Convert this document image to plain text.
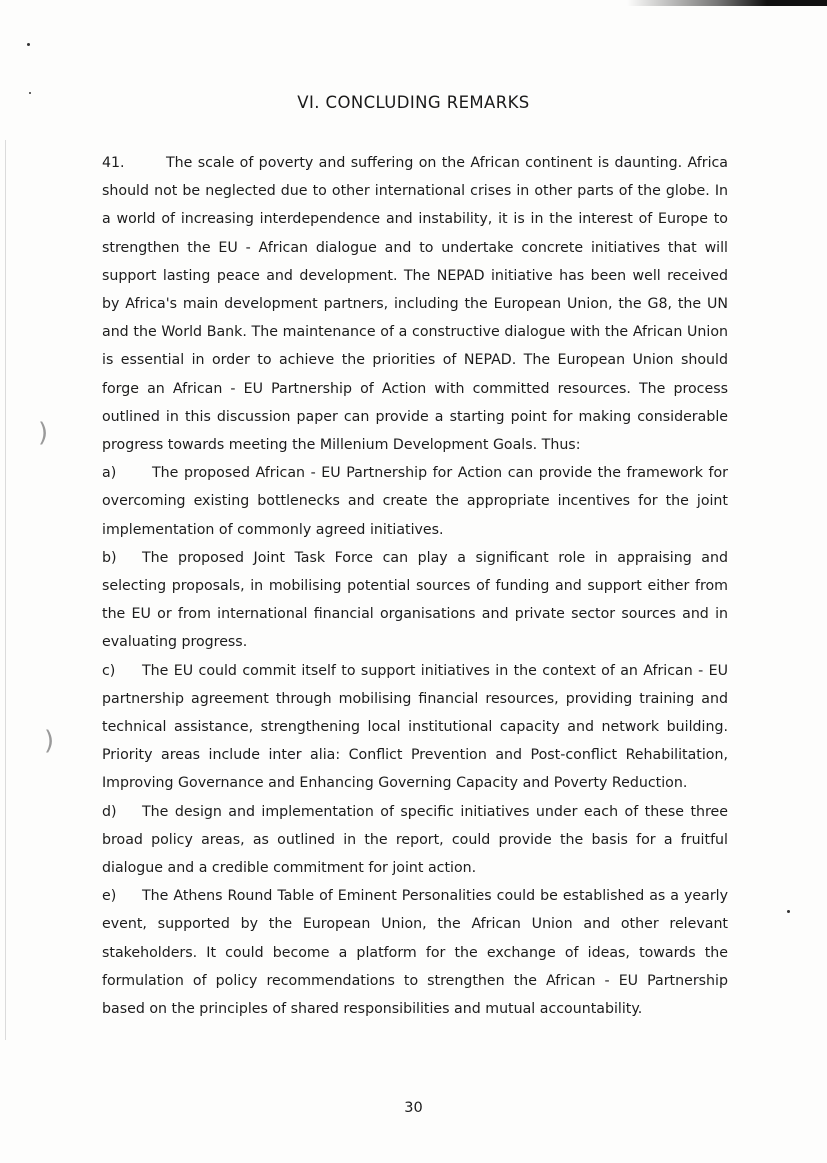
)
)
VI. CONCLUDING REMARKS

41.	The scale of poverty and suffering on the African continent is daunting. Africa should not be neglected due to other international crises in other parts of the globe. In a world of increasing interdependence and instability, it is in the interest of Europe to strengthen the EU - African dialogue and to undertake concrete initiatives that will support lasting peace and development. The NEPAD initiative has been well received by Africa's main development partners, including the European Union, the G8, the UN and the World Bank. The maintenance of a constructive dialogue with the African Union is essential in order to achieve the priorities of NEPAD. The European Union should forge an African - EU Partnership of Action with committed resources. The process outlined in this discussion paper can provide a starting point for making considerable progress towards meeting the Millenium Development Goals. Thus:

a)	The proposed African - EU Partnership for Action can provide the framework for overcoming existing bottlenecks and create the appropriate incentives for the joint implementation of commonly agreed initiatives.

b) The proposed Joint Task Force can play a significant role in appraising and selecting proposals, in mobilising potential sources of funding and support either from the EU or from international financial organisations and private sector sources and in evaluating progress.

c) The EU could commit itself to support initiatives in the context of an African - EU partnership agreement through mobilising financial resources, providing training and technical assistance, strengthening local institutional capacity and network building. Priority areas include inter alia: Conflict Prevention and Post-conflict Rehabilitation, Improving Governance and Enhancing Governing Capacity and Poverty Reduction.

d) The design and implementation of specific initiatives under each of these three broad policy areas, as outlined in the report, could provide the basis for a fruitful dialogue and a credible commitment for joint action.

e) The Athens Round Table of Eminent Personalities could be established as a yearly event, supported by the European Union, the African Union and other relevant stakeholders. It could become a platform for the exchange of ideas, towards the formulation of policy recommendations to strengthen the African - EU Partnership based on the principles of shared responsibilities and mutual accountability.

30
